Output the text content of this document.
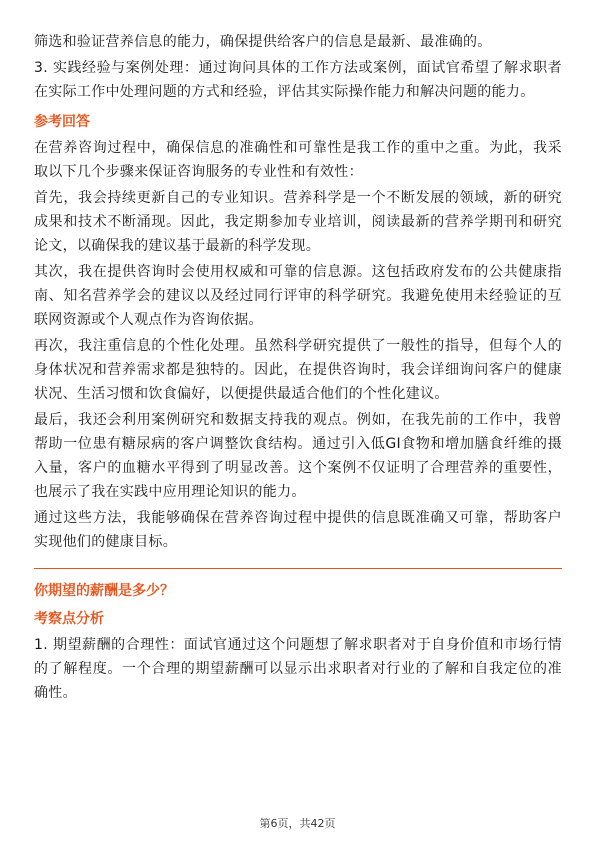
筛选和验证营养信息的能力，确保提供给客户的信息是最新、最准确的。

3. 实践经验与案例处理：通过询问具体的工作方法或案例，面试官希望了解求职者在实际工作中处理问题的方式和经验，评估其实际操作能力和解决问题的能力。

参考回答

在营养咨询过程中，确保信息的准确性和可靠性是我工作的重中之重。为此，我采取以下几个步骤来保证咨询服务的专业性和有效性：

首先，我会持续更新自己的专业知识。营养科学是一个不断发展的领域，新的研究成果和技术不断涌现。因此，我定期参加专业培训，阅读最新的营养学期刊和研究论文，以确保我的建议基于最新的科学发现。

其次，我在提供咨询时会使用权威和可靠的信息源。这包括政府发布的公共健康指南、知名营养学会的建议以及经过同行评审的科学研究。我避免使用未经验证的互联网资源或个人观点作为咨询依据。

再次，我注重信息的个性化处理。虽然科学研究提供了一般性的指导，但每个人的身体状况和营养需求都是独特的。因此，在提供咨询时，我会详细询问客户的健康状况、生活习惯和饮食偏好，以便提供最适合他们的个性化建议。

最后，我还会利用案例研究和数据支持我的观点。例如，在我先前的工作中，我曾帮助一位患有糖尿病的客户调整饮食结构。通过引入低GI食物和增加膳食纤维的摄入量，客户的血糖水平得到了明显改善。这个案例不仅证明了合理营养的重要性，也展示了我在实践中应用理论知识的能力。

通过这些方法，我能够确保在营养咨询过程中提供的信息既准确又可靠，帮助客户实现他们的健康目标。

你期望的薪酬是多少？
考察点分析

1. 期望薪酬的合理性：面试官通过这个问题想了解求职者对于自身价值和市场行情的了解程度。一个合理的期望薪酬可以显示出求职者对行业的了解和自我定位的准确性。

第6页，共42页
